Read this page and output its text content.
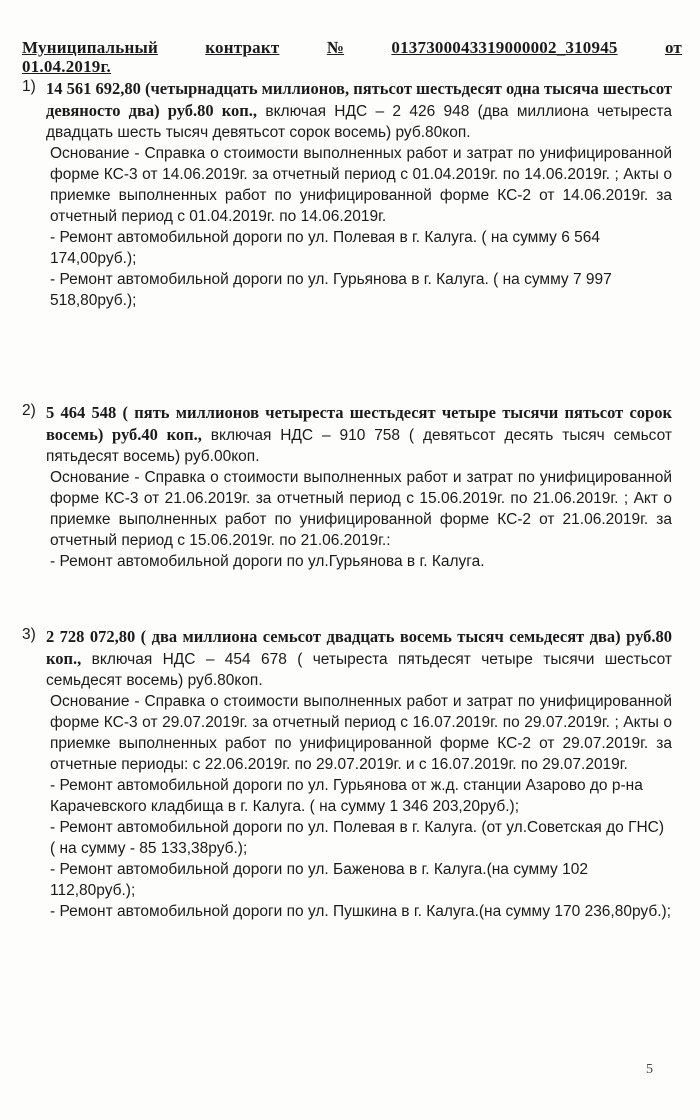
Муниципальный	контракт	№	0137300043319000002_310945	от
01.04.2019г.
1) 14 561 692,80 (четырнадцать миллионов, пятьсот шестьдесят одна тысяча шестьсот девяносто два) руб.80 коп., включая НДС – 2 426 948 (два миллиона четыреста двадцать шесть тысяч девятьсот сорок восемь) руб.80коп.

Основание - Справка о стоимости выполненных работ и затрат по унифицированной форме КС-3 от 14.06.2019г. за отчетный период с 01.04.2019г. по 14.06.2019г. ; Акты о приемке выполненных работ по унифицированной форме КС-2 от 14.06.2019г. за отчетный период с 01.04.2019г. по 14.06.2019г.

- Ремонт автомобильной дороги по ул. Полевая в г. Калуга. ( на сумму 6 564 174,00руб.);

- Ремонт автомобильной дороги по ул. Гурьянова в г. Калуга. ( на сумму 7 997 518,80руб.);

2) 5 464 548 ( пять миллионов четыреста шестьдесят четыре тысячи пятьсот сорок восемь) руб.40 коп., включая НДС – 910 758 ( девятьсот десять тысяч семьсот пятьдесят восемь) руб.00коп.

Основание - Справка о стоимости выполненных работ и затрат по унифицированной форме КС-3 от 21.06.2019г. за отчетный период с 15.06.2019г. по 21.06.2019г. ; Акт о приемке выполненных работ по унифицированной форме КС-2 от 21.06.2019г. за отчетный период с 15.06.2019г. по 21.06.2019г.:

- Ремонт автомобильной дороги по ул.Гурьянова в г. Калуга.

3) 2 728 072,80 ( два миллиона семьсот двадцать восемь тысяч семьдесят два) руб.80 коп., включая НДС – 454 678 ( четыреста пятьдесят четыре тысячи шестьсот семьдесят восемь) руб.80коп.

Основание - Справка о стоимости выполненных работ и затрат по унифицированной форме КС-3 от 29.07.2019г. за отчетный период с 16.07.2019г. по 29.07.2019г. ; Акты о приемке выполненных работ по унифицированной форме КС-2 от 29.07.2019г. за отчетные периоды: с 22.06.2019г. по 29.07.2019г. и с 16.07.2019г. по 29.07.2019г.

- Ремонт автомобильной дороги по ул. Гурьянова от ж.д. станции Азарово до р-на Карачевского кладбища в г. Калуга. ( на сумму 1 346 203,20руб.);

- Ремонт автомобильной дороги по ул. Полевая в г. Калуга. (от ул.Советская до ГНС) ( на сумму - 85 133,38руб.);

- Ремонт автомобильной дороги по ул. Баженова в г. Калуга.(на сумму 102 112,80руб.);

- Ремонт автомобильной дороги по ул. Пушкина в г. Калуга.(на сумму 170 236,80руб.);

5
